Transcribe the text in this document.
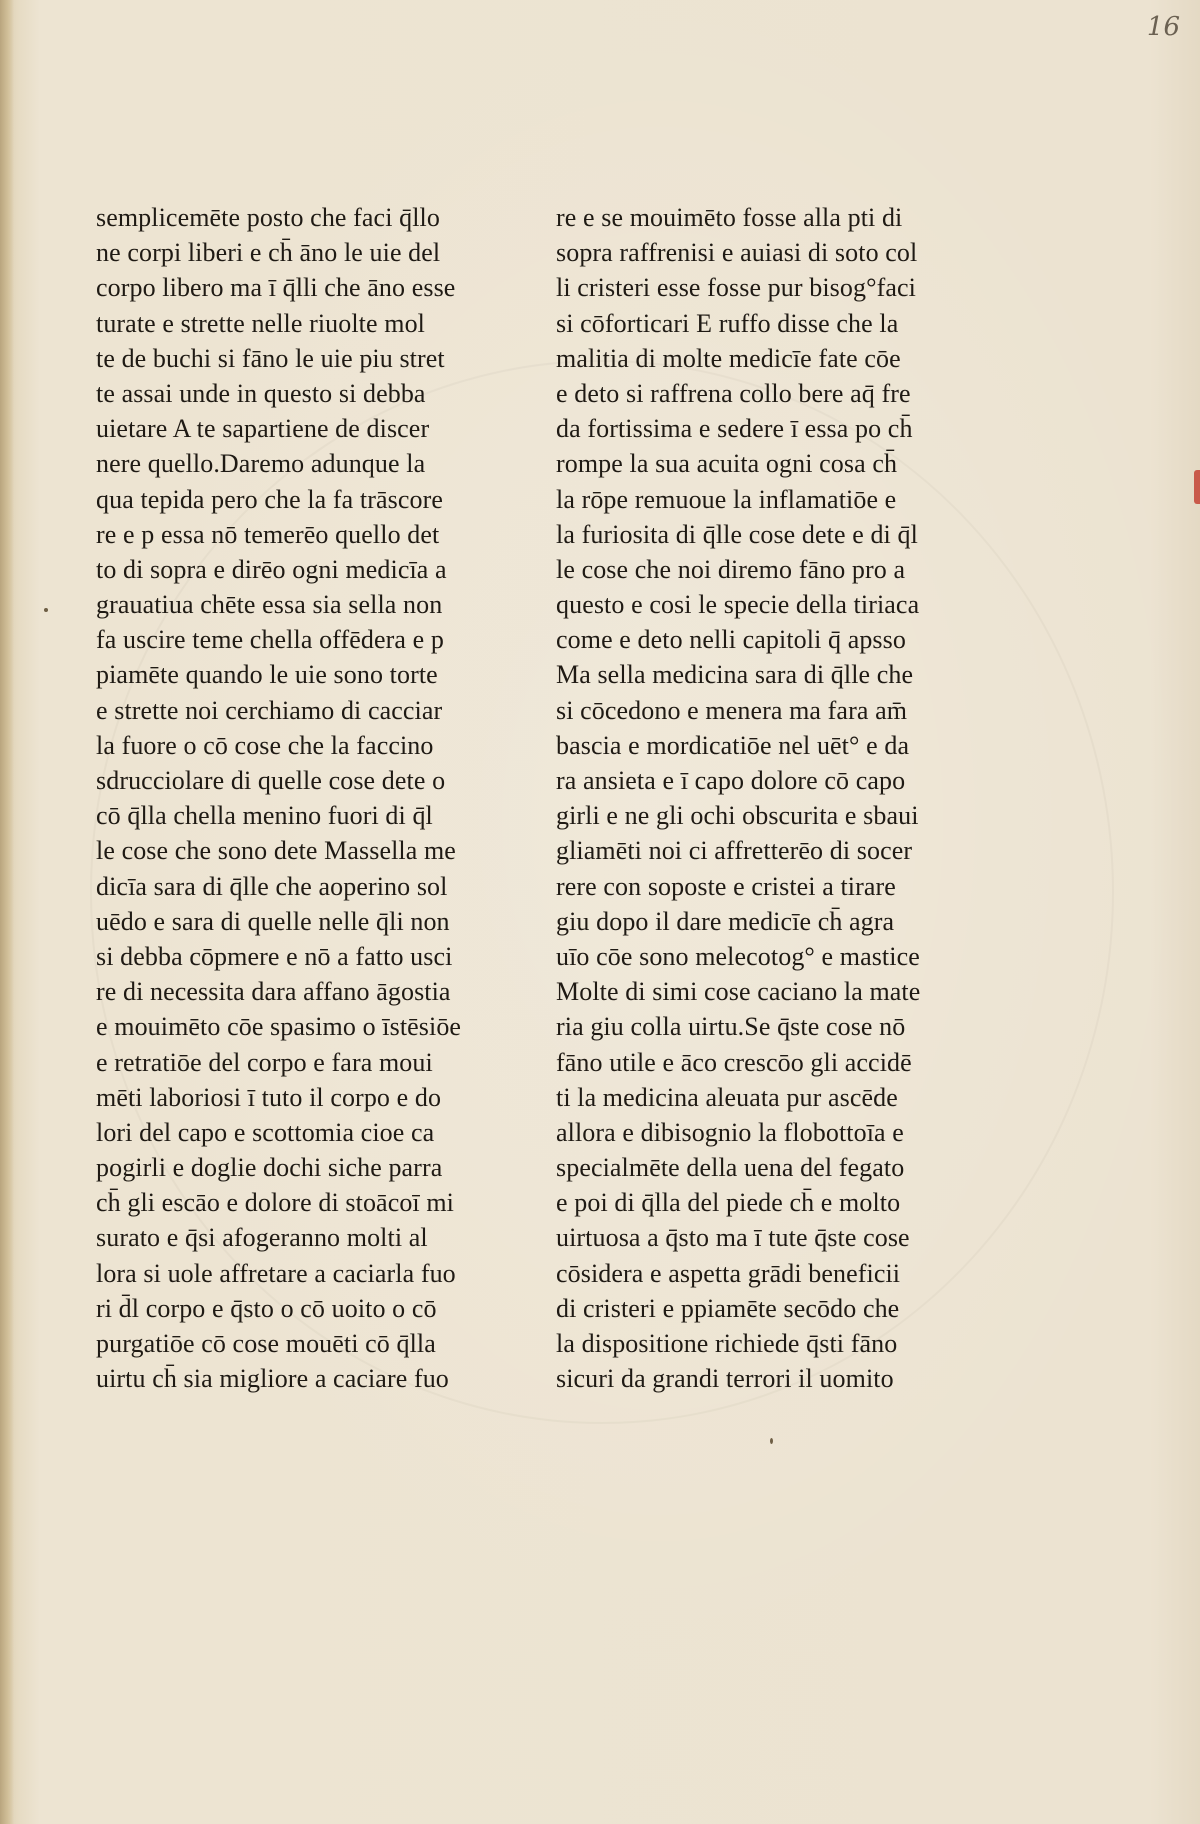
16
semplicemēte posto che faci q̄llo
ne corpi liberi e ch̄ āno le uie del
corpo libero ma ī q̄lli che āno esse
turate e strette nelle riuolte mol
te de buchi si fāno le uie piu stret
te assai unde in questo si debba
uietare A te sapartiene de discer
nere quello.Daremo adunque la
qua tepida pero che la fa trāscore
re e p essa nō temerēo quello det
to di sopra e dirēo ogni medicīa a
grauatiua chēte essa sia sella non
fa uscire teme chella offēdera e p
piamēte quando le uie sono torte
e strette noi cerchiamo di cacciar
la fuore o cō cose che la faccino
sdrucciolare di quelle cose dete o
cō q̄lla chella menino fuori di q̄l
le cose che sono dete Massella me
dicīa sara di q̄lle che aoperino sol
uēdo e sara di quelle nelle q̄li non
si debba cōpmere e nō a fatto usci
re di necessita dara affano āgostia
e mouimēto cōe spasimo o īstēsiōe
e retratiōe del corpo e fara moui
mēti laboriosi ī tuto il corpo e do
lori del capo e scottomia cioe ca
pogirli e doglie dochi siche parra
ch̄ gli escāo e dolore di stoācoī mi
surato e q̄si afogeranno molti al
lora si uole affretare a caciarla fuo
ri d̄l corpo e q̄sto o cō uoito o cō
purgatiōe cō cose mouēti cō q̄lla
uirtu ch̄ sia migliore a caciare fuo
re e se mouimēto fosse alla pti di
sopra raffrenisi e auiasi di soto col
li cristeri esse fosse pur bisog°faci
si cōforticari E ruffo disse che la
malitia di molte medicīe fate cōe
e deto si raffrena collo bere aq̄ fre
da fortissima e sedere ī essa po ch̄
rompe la sua acuita ogni cosa ch̄
la rōpe remuoue la inflamatiōe e
la furiosita di q̄lle cose dete e di q̄l
le cose che noi diremo fāno pro a
questo e cosi le specie della tiriaca
come e deto nelli capitoli q̄ apsso
Ma sella medicina sara di q̄lle che
si cōcedono e menera ma fara am̄
bascia e mordicatiōe nel uēt° e da
ra ansieta e ī capo dolore cō capo
girli e ne gli ochi obscurita e sbaui
gliamēti noi ci affretterēo di socer
rere con soposte e cristei a tirare
giu dopo il dare medicīe ch̄ agra
uīo cōe sono melecotog° e mastice
Molte di simi cose caciano la mate
ria giu colla uirtu.Se q̄ste cose nō
fāno utile e āco crescōo gli accidē
ti la medicina aleuata pur ascēde
allora e dibisognio la flobottoīa e
specialmēte della uena del fegato
e poi di q̄lla del piede ch̄ e molto
uirtuosa a q̄sto ma ī tute q̄ste cose
cōsidera e aspetta grādi beneficii
di cristeri e ppiamēte secōdo che
la dispositione richiede q̄sti fāno
sicuri da grandi terrori il uomito
